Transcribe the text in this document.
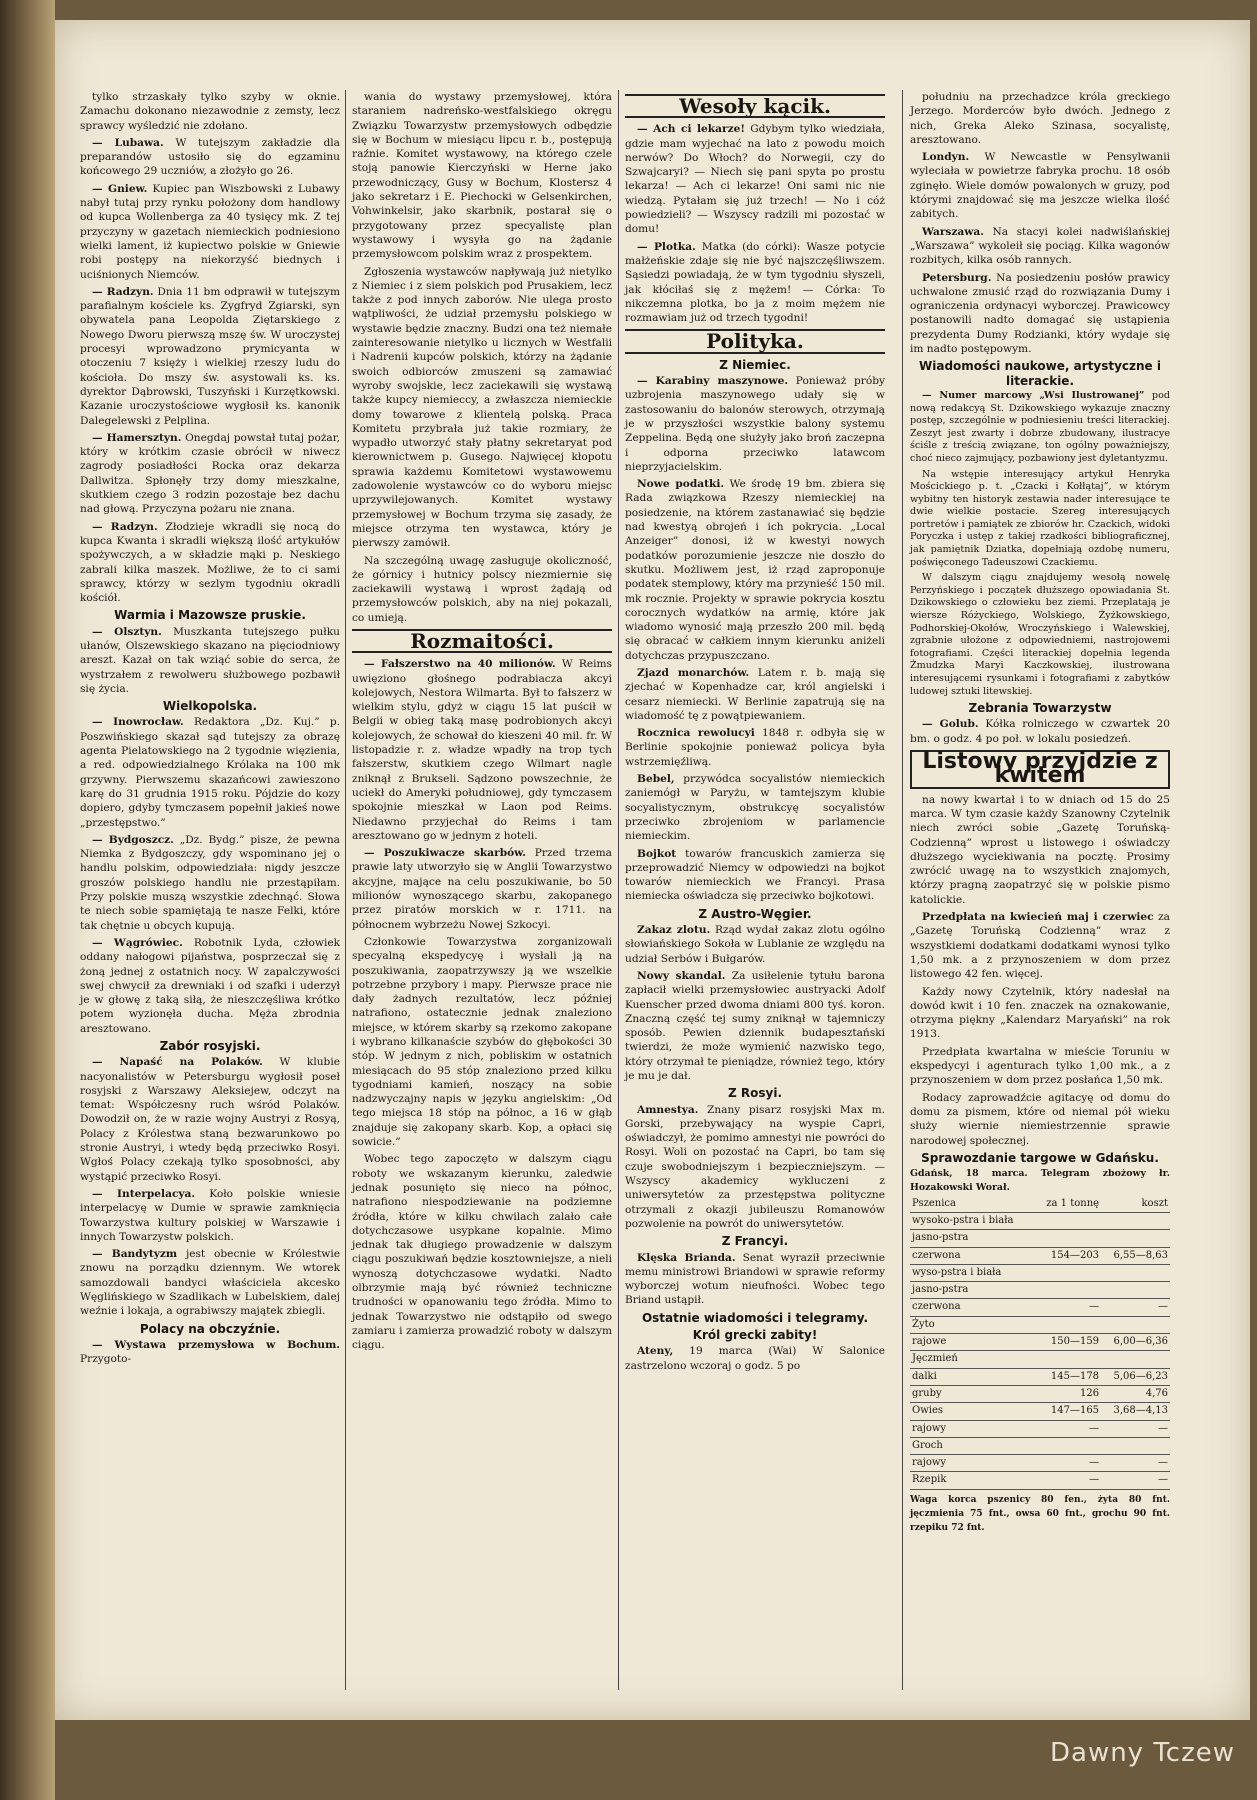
tylko strzaskały tylko szyby w oknie. Zamachu dokonano niezawodnie z zemsty, lecz sprawcy wyśledzić nie zdołano.

— Lubawa. W tutejszym zakładzie dla preparandów ustosiło się do egzaminu końcowego 29 uczniów, a złożyło go 26.

— Gniew. Kupiec pan Wiszbowski z Lubawy nabył tutaj przy rynku położony dom handlowy od kupca Wollenberga za 40 tysięcy mk. Z tej przyczyny w gazetach niemieckich podniesiono wielki lament, iż kupiectwo polskie w Gniewie robi postępy na niekorzyść biednych i uciśnionych Niemców.

— Radzyn. Dnia 11 bm odprawił w tutejszym parafialnym kościele ks. Zygfryd Zgiarski, syn obywatela pana Leopolda Ziętarskiego z Nowego Dworu pierwszą mszę św. W uroczystej procesyi wprowadzono prymicyanta w otoczeniu 7 księży i wielkiej rzeszy ludu do kościoła. Do mszy św. asystowali ks. ks. dyrektor Dąbrowski, Tuszyński i Kurzętkowski. Kazanie uroczystościowe wygłosił ks. kanonik Dalegelewski z Pelplina.

— Hamersztyn. Onegdaj powstał tutaj pożar, który w krótkim czasie obrócił w niwecz zagrody posiadłości Rocka oraz dekarza Dallwitza. Spłonęły trzy domy mieszkalne, skutkiem czego 3 rodzin pozostaje bez dachu nad głową. Przyczyna pożaru nie znana.

— Radzyn. Złodzieje wkradli się nocą do kupca Kwanta i skradli większą ilość artykułów spożywczych, a w składzie mąki p. Neskiego zabrali kilka maszek. Możliwe, że to ci sami sprawcy, którzy w sezlym tygodniu okradli kościół.

Warmia i Mazowsze pruskie.

— Olsztyn. Muszkanta tutejszego pułku ułanów, Olszewskiego skazano na pięciodniowy areszt. Kazał on tak wziąć sobie do serca, że wystrzałem z rewolweru służbowego pozbawił się życia.

Wielkopolska.

— Inowrocław. Redaktora „Dz. Kuj.” p. Poszwińskiego skazał sąd tutejszy za obrazę agenta Pielatowskiego na 2 tygodnie więzienia, a red. odpowiedzialnego Królaka na 100 mk grzywny. Pierwszemu skazańcowi zawieszono karę do 31 grudnia 1915 roku. Pójdzie do kozy dopiero, gdyby tymczasem popełnił jakieś nowe „przestępstwo.”

— Bydgoszcz. „Dz. Bydg.” pisze, że pewna Niemka z Bydgoszczy, gdy wspominano jej o handlu polskim, odpowiedziała: nigdy jeszcze groszów polskiego handlu nie przestąpiłam. Przy polskie muszą wszystkie zdechnąć. Słowa te niech sobie spamiętają te nasze Felki, które tak chętnie u obcych kupują.

— Wągrówiec. Robotnik Lyda, człowiek oddany nałogowi pijaństwa, posprzeczał się z żoną jednej z ostatnich nocy. W zapalczywości swej chwycił za drewniaki i od szafki i uderzył je w głowę z taką siłą, że nieszczęśliwa krótko potem wyzionęła ducha. Męża zbrodnia aresztowano.

Zabór rosyjski.

— Napaść na Polaków. W klubie nacyonalistów w Petersburgu wygłosił poseł rosyjski z Warszawy Aleksiejew, odczyt na temat: Współczesny ruch wśród Polaków. Dowodził on, że w razie wojny Austryi z Rosyą, Polacy z Królestwa staną bezwarunkowo po stronie Austryi, i wtedy będą przeciwko Rosyi. Wgłoś Polacy czekają tylko sposobności, aby wystąpić przeciwko Rosyi.

— Interpelacya. Koło polskie wniesie interpelacyę w Dumie w sprawie zamknięcia Towarzystwa kultury polskiej w Warszawie i innych Towarzystw polskich.

— Bandytyzm jest obecnie w Królestwie znowu na porządku dziennym. We wtorek samozdowali bandyci właściciela akcesko Węglińskiego w Szadlikach w Lubelskiem, dalej weźnie i lokaja, a ograbiwszy majątek zbiegli.

Polacy na obczyźnie.

— Wystawa przemysłowa w Bochum. Przygoto-

wania do wystawy przemysłowej, która staraniem nadreńsko-westfalskiego okręgu Związku Towarzystw przemysłowych odbędzie się w Bochum w miesiącu lipcu r. b., postępują raźnie. Komitet wystawowy, na którego czele stoją panowie Kierczyński w Herne jako przewodniczący, Gusy w Bochum, Klostersz 4 jako sekretarz i E. Piechocki w Gelsenkirchen, Vohwinkelsir, jako skarbnik, postarał się o przygotowany przez specyalistę plan wystawowy i wysyła go na żądanie przemysłowcom polskim wraz z prospektem.

Zgłoszenia wystawców napływają już nietylko z Niemiec i z siem polskich pod Prusakiem, lecz także z pod innych zaborów. Nie ulega prosto wątpliwości, że udział przemysłu polskiego w wystawie będzie znaczny. Budzi ona też niemałe zainteresowanie nietylko u licznych w Westfalii i Nadrenii kupców polskich, którzy na żądanie swoich odbiorców zmuszeni są zamawiać wyroby swojskie, lecz zaciekawili się wystawą także kupcy niemieccy, a zwłaszcza niemieckie domy towarowe z klientelą polską. Praca Komitetu przybrała już takie rozmiary, że wypadło utworzyć stały płatny sekretaryat pod kierownictwem p. Gusego. Najwięcej kłopotu sprawia każdemu Komitetowi wystawowemu zadowolenie wystawców co do wyboru miejsc uprzywilejowanych. Komitet wystawy przemysłowej w Bochum trzyma się zasady, że miejsce otrzyma ten wystawca, który je pierwszy zamówił.

Na szczególną uwagę zasługuje okoliczność, że górnicy i hutnicy polscy niezmiernie się zaciekawili wystawą i wprost żądają od przemysłowców polskich, aby na niej pokazali, co umieją.

Rozmaitości.

— Fałszerstwo na 40 milionów. W Reims uwięziono głośnego podrabiacza akcyi kolejowych, Nestora Wilmarta. Był to fałszerz w wielkim stylu, gdyż w ciągu 15 lat puścił w Belgii w obieg taką masę podrobionych akcyi kolejowych, że schował do kieszeni 40 mil. fr. W listopadzie r. z. władze wpadły na trop tych fałszerstw, skutkiem czego Wilmart nagle zniknął z Brukseli. Sądzono powszechnie, że uciekł do Ameryki południowej, gdy tymczasem spokojnie mieszkał w Laon pod Reims. Niedawno przyjechał do Reims i tam aresztowano go w jednym z hoteli.

— Poszukiwacze skarbów. Przed trzema prawie laty utworzyło się w Anglii Towarzystwo akcyjne, mające na celu poszukiwanie, bo 50 milionów wynoszącego skarbu, zakopanego przez piratów morskich w r. 1711. na północnem wybrzeżu Nowej Szkocyi.

Członkowie Towarzystwa zorganizowali specyalną ekspedycyę i wysłali ją na poszukiwania, zaopatrzywszy ją we wszelkie potrzebne przybory i mapy. Pierwsze prace nie dały żadnych rezultatów, lecz później natrafiono, ostatecznie jednak znaleziono miejsce, w którem skarby są rzekomo zakopane i wybrano kilkanaście szybów do głębokości 30 stóp. W jednym z nich, pobliskim w ostatnich miesiącach do 95 stóp znaleziono przed kilku tygodniami kamień, noszący na sobie nadzwyczajny napis w języku angielskim: „Od tego miejsca 18 stóp na północ, a 16 w głąb znajduje się zakopany skarb. Kop, a opłaci się sowicie.”

Wobec tego zapoczęto w dalszym ciągu roboty we wskazanym kierunku, zaledwie jednak posunięto się nieco na północ, natrafiono niespodziewanie na podziemne źródła, które w kilku chwilach zalało całe dotychczasowe usypkane kopalnie. Mimo jednak tak długiego prowadzenie w dalszym ciągu poszukiwań będzie kosztowniejsze, a nieli wynoszą dotychczasowe wydatki. Nadto olbrzymie mają być również techniczne trudności w opanowaniu tego źródła. Mimo to jednak Towarzystwo nie odstąpiło od swego zamiaru i zamierza prowadzić roboty w dalszym ciągu.

Wesoły kącik.

— Ach ci lekarze! Gdybym tylko wiedziała, gdzie mam wyjechać na lato z powodu moich nerwów? Do Włoch? do Norwegii, czy do Szwajcaryi? — Niech się pani spyta po prostu lekarza! — Ach ci lekarze! Oni sami nic nie wiedzą. Pytałam się już trzech! — No i cóż powiedzieli? — Wszyscy radzili mi pozostać w domu!

— Plotka. Matka (do córki): Wasze potycie małżeńskie zdaje się nie być najszczęśliwszem. Sąsiedzi powiadają, że w tym tygodniu słyszeli, jak kłóciłaś się z mężem! — Córka: To nikczemna plotka, bo ja z moim mężem nie rozmawiam już od trzech tygodni!

Polityka.
Z Niemiec.

— Karabiny maszynowe. Ponieważ próby uzbrojenia maszynowego udały się w zastosowaniu do balonów sterowych, otrzymają je w przyszłości wszystkie balony systemu Zeppelina. Będą one służyły jako broń zaczepna i odporna przeciwko latawcom nieprzyjacielskim.

Nowe podatki. We środę 19 bm. zbiera się Rada związkowa Rzeszy niemieckiej na posiedzenie, na którem zastanawiać się będzie nad kwestyą obrojeń i ich pokrycia. „Local Anzeiger” donosi, iż w kwestyi nowych podatków porozumienie jeszcze nie doszło do skutku. Możliwem jest, iż rząd zaproponuje podatek stemplowy, który ma przynieść 150 mil. mk rocznie. Projekty w sprawie pokrycia kosztu corocznych wydatków na armię, które jak wiadomo wynosić mają przeszło 200 mil. będą się obracać w całkiem innym kierunku aniżeli dotychczas przypuszczano.

Zjazd monarchów. Latem r. b. mają się zjechać w Kopenhadze car, król angielski i cesarz niemiecki. W Berlinie zapatrują się na wiadomość tę z powątpiewaniem.

Rocznica rewolucyi 1848 r. odbyła się w Berlinie spokojnie ponieważ policya była wstrzemięźliwą.

Bebel, przywódca socyalistów niemieckich zaniemógł w Paryżu, w tamtejszym klubie socyalistycznym, obstrukcyę socyalistów przeciwko zbrojeniom w parlamencie niemieckim.

Bojkot towarów francuskich zamierza się przeprowadzić Niemcy w odpowiedzi na bojkot towarów niemieckich we Francyi. Prasa niemiecka oświadcza się przeciwko bojkotowi.

Z Austro-Węgier.

Zakaz zlotu. Rząd wydał zakaz zlotu ogólno słowiańskiego Sokoła w Lublanie ze względu na udział Serbów i Bułgarów.

Nowy skandal. Za usiłelenie tytułu barona zapłacił wielki przemysłowiec austryacki Adolf Kuenscher przed dwoma dniami 800 tyś. koron. Znaczną część tej sumy zniknął w tajemniczy sposób. Pewien dziennik budapesztański twierdzi, że może wymienić nazwisko tego, który otrzymał te pieniądze, również tego, który je mu je dał.

Z Rosyi.

Amnestya. Znany pisarz rosyjski Max m. Gorski, przebywający na wyspie Capri, oświadczył, że pomimo amnestyi nie powróci do Rosyi. Woli on pozostać na Capri, bo tam się czuje swobodniejszym i bezpieczniejszym. — Wszyscy akademicy wykluczeni z uniwersytetów za przestępstwa polityczne otrzymali z okazji jubileuszu Romanowów pozwolenie na powrót do uniwersytetów.

Z Francyi.

Klęska Brianda. Senat wyraził przeciwnie memu ministrowi Briandowi w sprawie reformy wyborczej wotum nieufności. Wobec tego Briand ustąpił.

Ostatnie wiadomości i telegramy.
Król grecki zabity!

Ateny, 19 marca (Wai) W Salonice zastrzelono wczoraj o godz. 5 po

południu na przechadzce króla greckiego Jerzego. Morderców było dwóch. Jednego z nich, Greka Aleko Szinasa, socyalistę, aresztowano.

Londyn. W Newcastle w Pensylwanii wyleciała w powietrze fabryka prochu. 18 osób zginęło. Wiele domów powalonych w gruzy, pod którymi znajdować się ma jeszcze wielka ilość zabitych.

Warszawa. Na stacyi kolei nadwiślańskiej „Warszawa” wykoleił się pociąg. Kilka wagonów rozbitych, kilka osób rannych.

Petersburg. Na posiedzeniu posłów prawicy uchwalone zmusić rząd do rozwiązania Dumy i ograniczenia ordynacyi wyborczej. Prawicowcy postanowili nadto domagać się ustąpienia prezydenta Dumy Rodzianki, który wydaje się im nadto postępowym.

Wiadomości naukowe, artystyczne i literackie.

— Numer marcowy „Wsi Ilustrowanej” pod nową redakcyą St. Dzikowskiego wykazuje znaczny postęp, szczególnie w podniesieniu treści literackiej. Zeszyt jest zwarty i dobrze zbudowany, ilustracye ściśle z treścią związane, ton ogólny poważniejszy, choć nieco zajmujący, pozbawiony jest dyletantyzmu.

Na wstępie interesujący artykuł Henryka Mościckiego p. t. „Czacki i Kołłątaj”, w którym wybitny ten historyk zestawia nader interesujące te dwie wielkie postacie. Szereg interesujących portretów i pamiątek ze zbiorów hr. Czackich, widoki Poryczka i ustęp z takiej rzadkości bibliograficznej, jak pamiętnik Dziatka, dopełniają ozdobę numeru, poświęconego Tadeuszowi Czackiemu.

W dalszym ciągu znajdujemy wesołą nowelę Perzyńskiego i początek dłuższego opowiadania St. Dzikowskiego o człowieku bez ziemi. Przeplatają je wiersze Różyckiego, Wolskiego, Żyżkowskiego, Podhorskiej-Okołów, Wroczyńskiego i Walewskiej, zgrabnie ułożone z odpowiedniemi, nastrojowemi fotografiami. Części literackiej dopełnia legenda Żmudzka Maryi Kaczkowskiej, ilustrowana interesującemi rysunkami i fotografiami z zabytków ludowej sztuki litewskiej.

Zebrania Towarzystw

— Golub. Kółka rolniczego w czwartek 20 bm. o godz. 4 po poł. w lokalu posiedzeń.

Listowy przyjdzie z kwitem

na nowy kwartał i to w dniach od 15 do 25 marca. W tym czasie każdy Szanowny Czytelnik niech zwróci sobie „Gazetę Toruńską-Codzienną” wprost u listowego i oświadczy dłuższego wyciekiwania na pocztę. Prosimy zwrócić uwagę na to wszystkich znajomych, którzy pragną zaopatrzyć się w polskie pismo katolickie.

Przedpłata na kwiecień maj i czerwiec za „Gazetę Toruńską Codzienną” wraz z wszystkiemi dodatkami dodatkami wynosi tylko 1,50 mk. a z przynoszeniem w dom przez listowego 42 fen. więcej.

Każdy nowy Czytelnik, który nadesłał na dowód kwit i 10 fen. znaczek na oznakowanie, otrzyma piękny „Kalendarz Maryański” na rok 1913.

Przedpłata kwartalna w mieście Toruniu w ekspedycyi i agenturach tylko 1,00 mk., a z przynoszeniem w dom przez posłańca 1,50 mk.

Rodacy zaprowadźcie agitacyę od domu do domu za pismem, które od niemal pół wieku służy wiernie niemiestrzennie sprawie narodowej społecznej.

Sprawozdanie targowe w Gdańsku.
Gdańsk, 18 marca. Telegram zbożowy łr. Hozakowski Worał.
Pszenica	za 1 tonnę	koszt
wysoko-pstra i biała		
jasno-pstra		
czerwona	154—203	6,55—8,63
wyso-pstra i biała		
jasno-pstra		
czerwona	—	—
Żyto		
rajowe	150—159	6,00—6,36
Jęczmień		
dalki	145—178	5,06—6,23
gruby	126	4,76
Owies	147—165	3,68—4,13
rajowy	—	—
Groch		
rajowy	—	—
Rzepik	—	—
Waga korca pszenicy 80 fen., żyta 80 fnt. jęczmienia 75 fnt., owsa 60 fnt., grochu 90 fnt. rzepiku 72 fnt.
Dawny Tczew
